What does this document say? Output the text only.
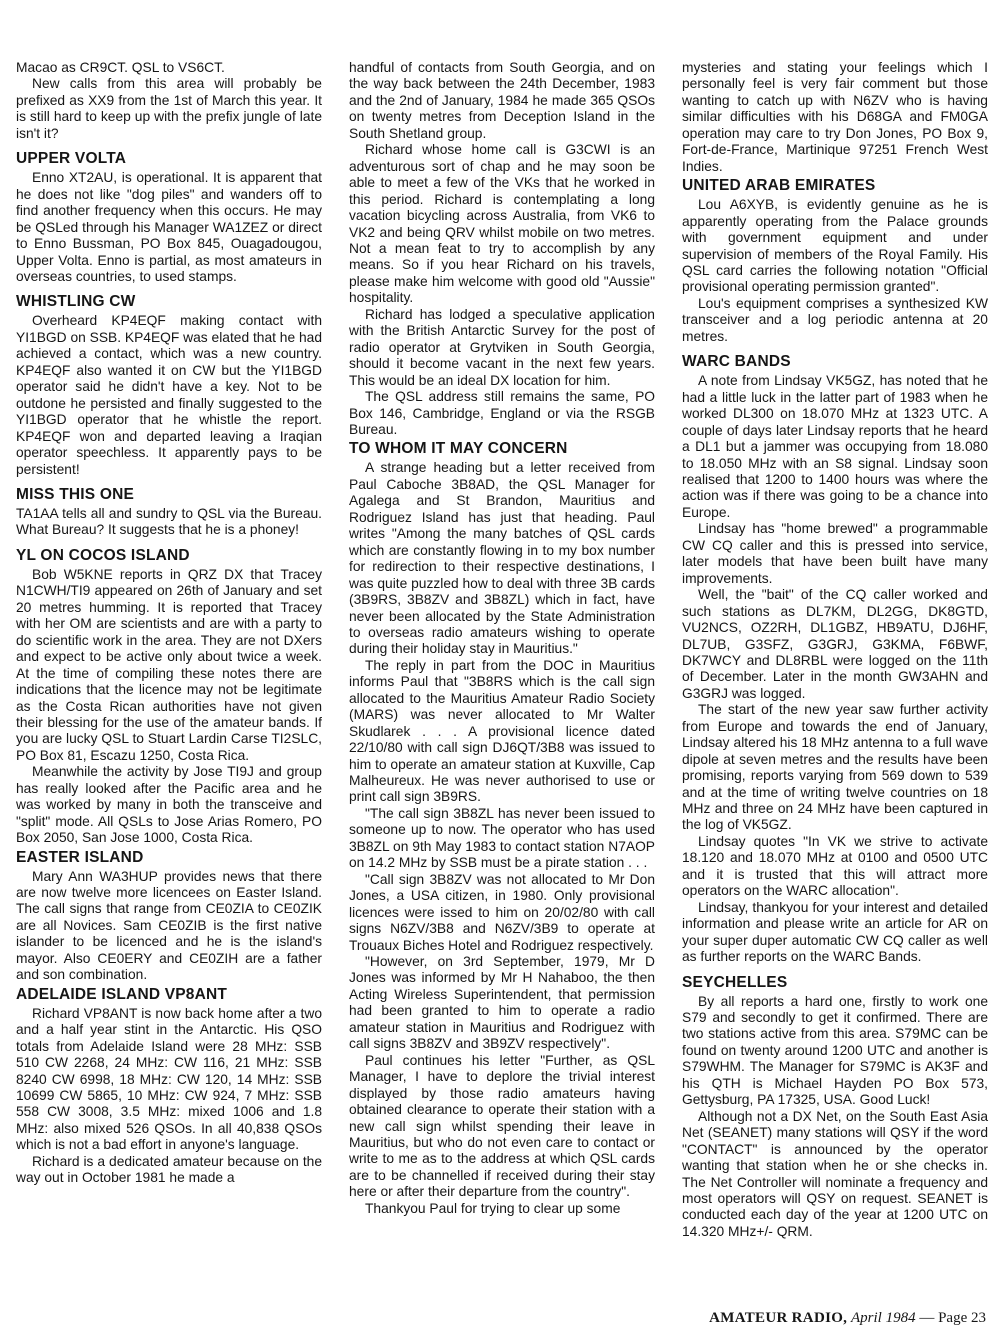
Macao as CR9CT. QSL to VS6CT.

New calls from this area will probably be prefixed as XX9 from the 1st of March this year. It is still hard to keep up with the prefix jungle of late isn't it?

UPPER VOLTA

Enno XT2AU, is operational. It is apparent that he does not like "dog piles" and wanders off to find another frequency when this occurs. He may be QSLed through his Manager WA1ZEZ or direct to Enno Bussman, PO Box 845, Ouagadougou, Upper Volta. Enno is partial, as most amateurs in overseas countries, to used stamps.

WHISTLING CW

Overheard KP4EQF making contact with YI1BGD on SSB. KP4EQF was elated that he had achieved a contact, which was a new country. KP4EQF also wanted it on CW but the YI1BGD operator said he didn't have a key. Not to be outdone he persisted and finally suggested to the YI1BGD operator that he whistle the report. KP4EQF won and departed leaving a Iraqian operator speechless. It apparently pays to be persistent!

MISS THIS ONE

TA1AA tells all and sundry to QSL via the Bureau. What Bureau? It suggests that he is a phoney!

YL ON COCOS ISLAND

Bob W5KNE reports in QRZ DX that Tracey N1CWH/TI9 appeared on 26th of January and set 20 metres humming. It is reported that Tracey with her OM are scientists and are with a party to do scientific work in the area. They are not DXers and expect to be active only about twice a week. At the time of compiling these notes there are indications that the licence may not be legitimate as the Costa Rican authorities have not given their blessing for the use of the amateur bands. If you are lucky QSL to Stuart Lardin Carse TI2SLC, PO Box 81, Escazu 1250, Costa Rica.

Meanwhile the activity by Jose TI9J and group has really looked after the Pacific area and he was worked by many in both the transceive and "split" mode. All QSLs to Jose Arias Romero, PO Box 2050, San Jose 1000, Costa Rica.

EASTER ISLAND

Mary Ann WA3HUP provides news that there are now twelve more licencees on Easter Island. The call signs that range from CE0ZIA to CE0ZIK are all Novices. Sam CE0ZIB is the first native islander to be licenced and he is the island's mayor. Also CE0ERY and CE0ZIH are a father and son combination.

ADELAIDE ISLAND VP8ANT

Richard VP8ANT is now back home after a two and a half year stint in the Antarctic. His QSO totals from Adelaide Island were 28 MHz: SSB 510 CW 2268, 24 MHz: CW 116, 21 MHz: SSB 8240 CW 6998, 18 MHz: CW 120, 14 MHz: SSB 10699 CW 5865, 10 MHz: CW 924, 7 MHz: SSB 558 CW 3008, 3.5 MHz: mixed 1006 and 1.8 MHz: also mixed 526 QSOs. In all 40,838 QSOs which is not a bad effort in anyone's language.

Richard is a dedicated amateur because on the way out in October 1981 he made a

handful of contacts from South Georgia, and on the way back between the 24th December, 1983 and the 2nd of January, 1984 he made 365 QSOs on twenty metres from Deception Island in the South Shetland group.

Richard whose home call is G3CWI is an adventurous sort of chap and he may soon be able to meet a few of the VKs that he worked in this period. Richard is contemplating a long vacation bicycling across Australia, from VK6 to VK2 and being QRV whilst mobile on two metres. Not a mean feat to try to accomplish by any means. So if you hear Richard on his travels, please make him welcome with good old "Aussie" hospitality.

Richard has lodged a speculative application with the British Antarctic Survey for the post of radio operator at Grytviken in South Georgia, should it become vacant in the next few years. This would be an ideal DX location for him.

The QSL address still remains the same, PO Box 146, Cambridge, England or via the RSGB Bureau.

TO WHOM IT MAY CONCERN

A strange heading but a letter received from Paul Caboche 3B8AD, the QSL Manager for Agalega and St Brandon, Mauritius and Rodriguez Island has just that heading. Paul writes "Among the many batches of QSL cards which are constantly flowing in to my box number for redirection to their respective destinations, I was quite puzzled how to deal with three 3B cards (3B9RS, 3B8ZV and 3B8ZL) which in fact, have never been allocated by the State Administration to overseas radio amateurs wishing to operate during their holiday stay in Mauritius."

The reply in part from the DOC in Mauritius informs Paul that "3B8RS which is the call sign allocated to the Mauritius Amateur Radio Society (MARS) was never allocated to Mr Walter Skudlarek . . . A provisional licence dated 22/10/80 with call sign DJ6QT/3B8 was issued to him to operate an amateur station at Kuxville, Cap Malheureux. He was never authorised to use or print call sign 3B9RS.

"The call sign 3B8ZL has never been issued to someone up to now. The operator who has used 3B8ZL on 9th May 1983 to contact station N7AOP on 14.2 MHz by SSB must be a pirate station . . .

"Call sign 3B8ZV was not allocated to Mr Don Jones, a USA citizen, in 1980. Only provisional licences were issed to him on 20/02/80 with call signs N6ZV/3B8 and N6ZV/3B9 to operate at Trouaux Biches Hotel and Rodriguez respectively.

"However, on 3rd September, 1979, Mr D Jones was informed by Mr H Nahaboo, the then Acting Wireless Superintendent, that permission had been granted to him to operate a radio amateur station in Mauritius and Rodriguez with call signs 3B8ZV and 3B9ZV respectively".

Paul continues his letter "Further, as QSL Manager, I have to deplore the trivial interest displayed by those radio amateurs having obtained clearance to operate their station with a new call sign whilst spending their leave in Mauritius, but who do not even care to contact or write to me as to the address at which QSL cards are to be channelled if received during their stay here or after their departure from the country".

Thankyou Paul for trying to clear up some

mysteries and stating your feelings which I personally feel is very fair comment but those wanting to catch up with N6ZV who is having similar difficulties with his D68GA and FM0GA operation may care to try Don Jones, PO Box 9, Fort-de-France, Martinique 97251 French West Indies.

UNITED ARAB EMIRATES

Lou A6XYB, is evidently genuine as he is apparently operating from the Palace grounds with government equipment and under supervision of members of the Royal Family. His QSL card carries the following notation "Official provisional operating permission granted".

Lou's equipment comprises a synthesized KW transceiver and a log periodic antenna at 20 metres.

WARC BANDS

A note from Lindsay VK5GZ, has noted that he had a little luck in the latter part of 1983 when he worked DL300 on 18.070 MHz at 1323 UTC. A couple of days later Lindsay reports that he heard a DL1 but a jammer was occupying from 18.080 to 18.050 MHz with an S8 signal. Lindsay soon realised that 1200 to 1400 hours was where the action was if there was going to be a chance into Europe.

Lindsay has "home brewed" a programmable CW CQ caller and this is pressed into service, later models that have been built have many improvements.

Well, the "bait" of the CQ caller worked and such stations as DL7KM, DL2GG, DK8GTD, VU2NCS, OZ2RH, DL1GBZ, HB9ATU, DJ6HF, DL7UB, G3SFZ, G3GRJ, G3KMA, F6BWF, DK7WCY and DL8RBL were logged on the 11th of December. Later in the month GW3AHN and G3GRJ was logged.

The start of the new year saw further activity from Europe and towards the end of January, Lindsay altered his 18 MHz antenna to a full wave dipole at seven metres and the results have been promising, reports varying from 569 down to 539 and at the time of writing twelve countries on 18 MHz and three on 24 MHz have been captured in the log of VK5GZ.

Lindsay quotes "In VK we strive to activate 18.120 and 18.070 MHz at 0100 and 0500 UTC and it is trusted that this will attract more operators on the WARC allocation".

Lindsay, thankyou for your interest and detailed information and please write an article for AR on your super duper automatic CW CQ caller as well as further reports on the WARC Bands.

SEYCHELLES

By all reports a hard one, firstly to work one S79 and secondly to get it confirmed. There are two stations active from this area. S79MC can be found on twenty around 1200 UTC and another is S79WHM. The Manager for S79MC is AK3F and his QTH is Michael Hayden PO Box 573, Gettysburg, PA 17325, USA. Good Luck!

Although not a DX Net, on the South East Asia Net (SEANET) many stations will QSY if the word "CONTACT" is announced by the operator wanting that station when he or she checks in. The Net Controller will nominate a frequency and most operators will QSY on request. SEANET is conducted each day of the year at 1200 UTC on 14.320 MHz+/- QRM.

AMATEUR RADIO, April 1984 — Page 23
